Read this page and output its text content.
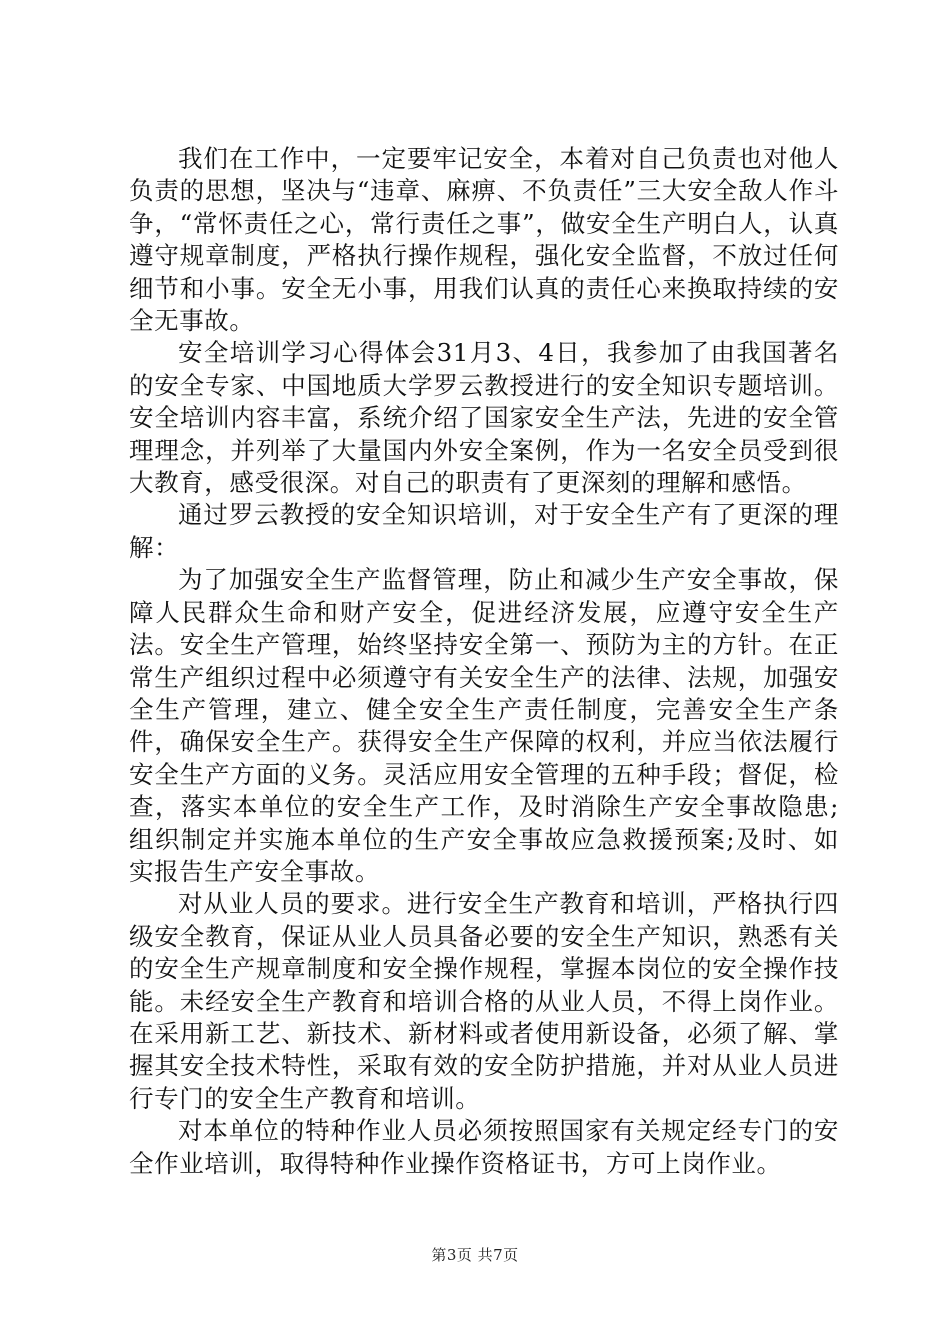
我们在工作中，一定要牢记安全，本着对自己负责也对他人负责的思想，坚决与“违章、麻痹、不负责任”三大安全敌人作斗争，“常怀责任之心，常行责任之事”，做安全生产明白人，认真遵守规章制度，严格执行操作规程，强化安全监督，不放过任何细节和小事。安全无小事，用我们认真的责任心来换取持续的安全无事故。

安全培训学习心得体会31月3、4日，我参加了由我国著名的安全专家、中国地质大学罗云教授进行的安全知识专题培训。安全培训内容丰富，系统介绍了国家安全生产法，先进的安全管理理念，并列举了大量国内外安全案例，作为一名安全员受到很大教育，感受很深。对自己的职责有了更深刻的理解和感悟。

通过罗云教授的安全知识培训，对于安全生产有了更深的理解：

为了加强安全生产监督管理，防止和减少生产安全事故，保障人民群众生命和财产安全，促进经济发展，应遵守安全生产法。安全生产管理，始终坚持安全第一、预防为主的方针。在正常生产组织过程中必须遵守有关安全生产的法律、法规，加强安全生产管理，建立、健全安全生产责任制度，完善安全生产条件，确保安全生产。获得安全生产保障的权利，并应当依法履行安全生产方面的义务。灵活应用安全管理的五种手段；督促，检查，落实本单位的安全生产工作，及时消除生产安全事故隐患;组织制定并实施本单位的生产安全事故应急救援预案;及时、如实报告生产安全事故。

对从业人员的要求。进行安全生产教育和培训，严格执行四级安全教育，保证从业人员具备必要的安全生产知识，熟悉有关的安全生产规章制度和安全操作规程，掌握本岗位的安全操作技能。未经安全生产教育和培训合格的从业人员，不得上岗作业。在采用新工艺、新技术、新材料或者使用新设备，必须了解、掌握其安全技术特性，采取有效的安全防护措施，并对从业人员进行专门的安全生产教育和培训。

对本单位的特种作业人员必须按照国家有关规定经专门的安全作业培训，取得特种作业操作资格证书，方可上岗作业。

第3页 共7页
